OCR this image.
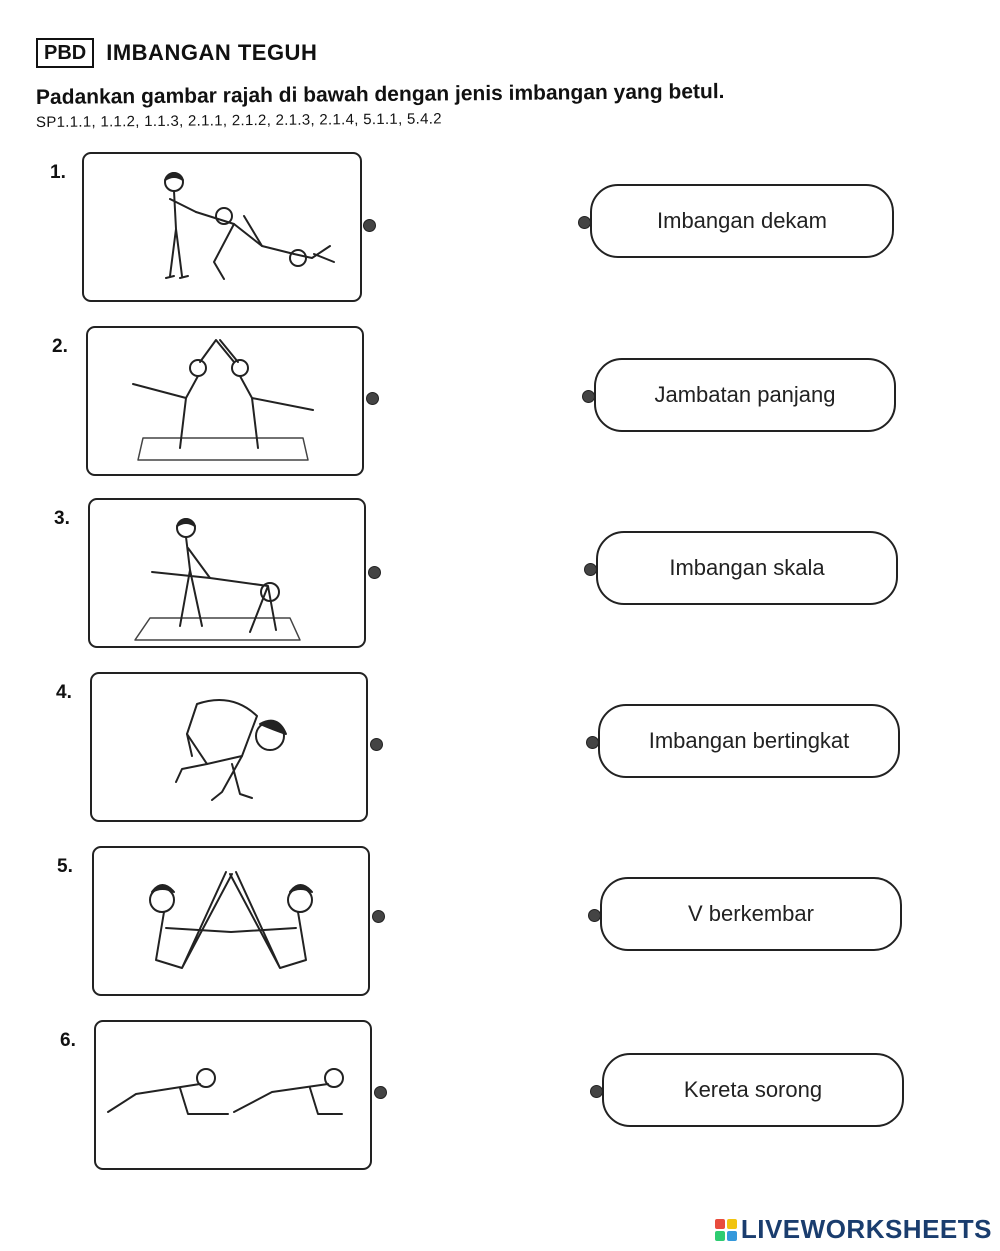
PBD IMBANGAN TEGUH
Padankan gambar rajah di bawah dengan jenis imbangan yang betul.
SP1.1.1, 1.1.2, 1.1.3, 2.1.1, 2.1.2, 2.1.3, 2.1.4, 5.1.1, 5.4.2
1.
2.
3.
4.
5.
6.
Imbangan dekam
Jambatan panjang
Imbangan skala
Imbangan bertingkat
V berkembar
Kereta sorong
LIVEWORKSHEETS
